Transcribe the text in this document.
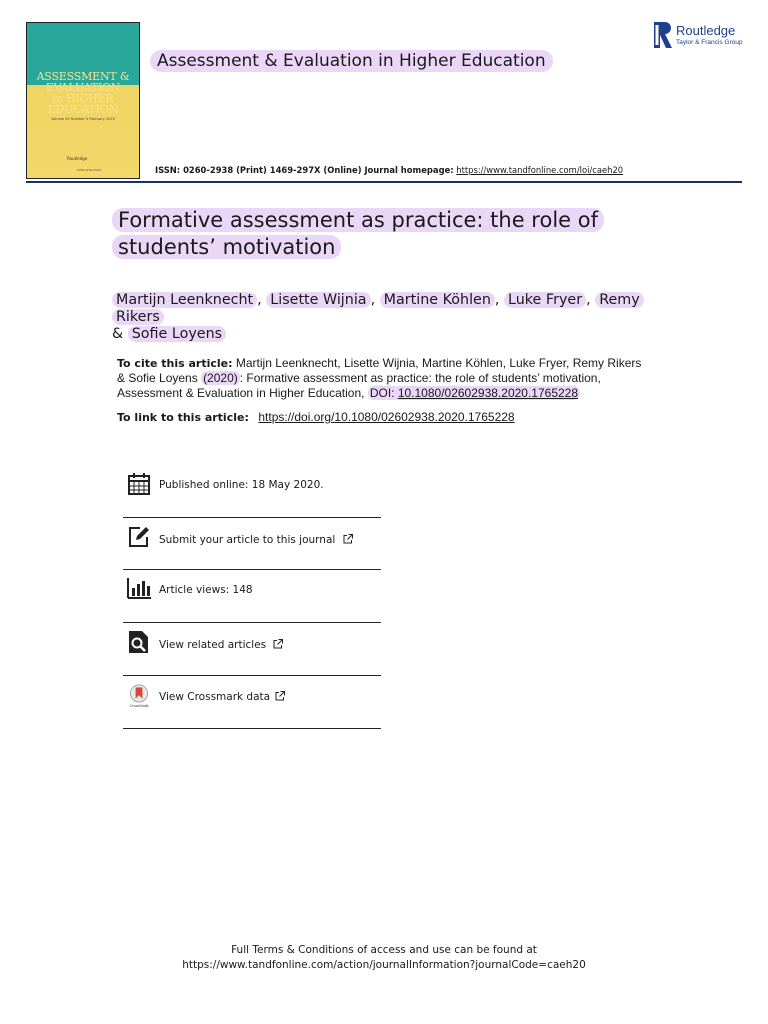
ASSESSMENT &
EVALUATION
in HIGHER
EDUCATION
Volume 45 Number 5 February 2020
Routledge
ISSN 0260-2938
Assessment & Evaluation in Higher Education
Routledge
Taylor & Francis Group
ISSN: 0260-2938 (Print) 1469-297X (Online) Journal homepage: https://www.tandfonline.com/loi/caeh20
Formative assessment as practice: the role of
students’ motivation
Martijn Leenknecht , Lisette Wijnia , Martine Köhlen , Luke Fryer , Remy Rikers
& Sofie Loyens
To cite this article: Martijn Leenknecht, Lisette Wijnia, Martine Köhlen, Luke Fryer, Remy Rikers
& Sofie Loyens (2020) : Formative assessment as practice: the role of students’ motivation,
Assessment & Evaluation in Higher Education, DOI: 10.1080/02602938.2020.1765228
To link to this article: https://doi.org/10.1080/02602938.2020.1765228
Published online: 18 May 2020.
Submit your article to this journal
Article views: 148
View related articles
CrossMark
View Crossmark data
Full Terms & Conditions of access and use can be found at
https://www.tandfonline.com/action/journalInformation?journalCode=caeh20
